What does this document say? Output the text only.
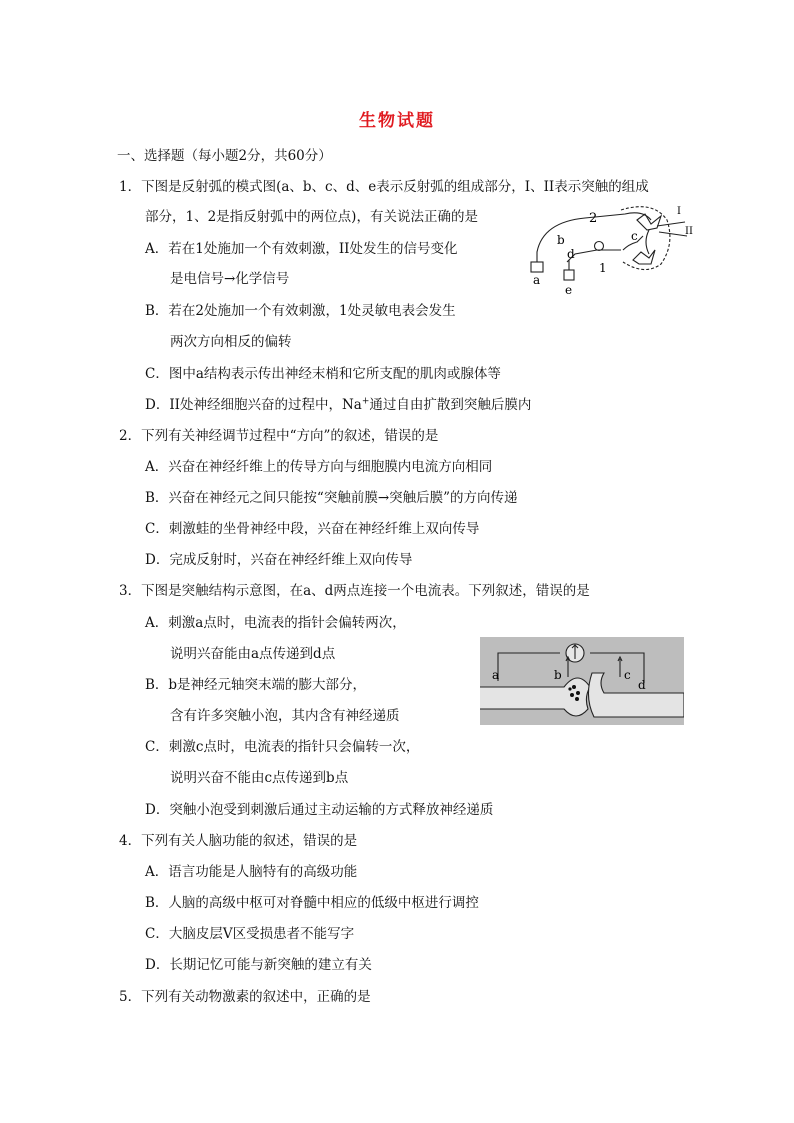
生物试题
一、选择题（每小题2分，共60分）
1．下图是反射弧的模式图(a、b、c、d、e表示反射弧的组成部分，I、II表示突触的组成
部分，1、2是指反射弧中的两位点)，有关说法正确的是
A．若在1处施加一个有效刺激，II处发生的信号变化
是电信号→化学信号
B．若在2处施加一个有效刺激，1处灵敏电表会发生
两次方向相反的偏转
C．图中a结构表示传出神经末梢和它所支配的肌肉或腺体等
D．II处神经细胞兴奋的过程中，Na+通过自由扩散到突触后膜内
2
1
b	c
d
a
e
I
II
2．下列有关神经调节过程中“方向”的叙述，错误的是
A．兴奋在神经纤维上的传导方向与细胞膜内电流方向相同
B．兴奋在神经元之间只能按“突触前膜→突触后膜”的方向传递
C．刺激蛙的坐骨神经中段，兴奋在神经纤维上双向传导
D．完成反射时，兴奋在神经纤维上双向传导
3．下图是突触结构示意图，在a、d两点连接一个电流表。下列叙述，错误的是
A．刺激a点时，电流表的指针会偏转两次，
说明兴奋能由a点传递到d点
B．b是神经元轴突末端的膨大部分，
含有许多突触小泡，其内含有神经递质
C．刺激c点时，电流表的指针只会偏转一次，
说明兴奋不能由c点传递到b点
D．突触小泡受到刺激后通过主动运输的方式释放神经递质
a	b	c
d
4．下列有关人脑功能的叙述，错误的是
A．语言功能是人脑特有的高级功能
B．人脑的高级中枢可对脊髓中相应的低级中枢进行调控
C．大脑皮层V区受损患者不能写字
D．长期记忆可能与新突触的建立有关
5．下列有关动物激素的叙述中，正确的是
